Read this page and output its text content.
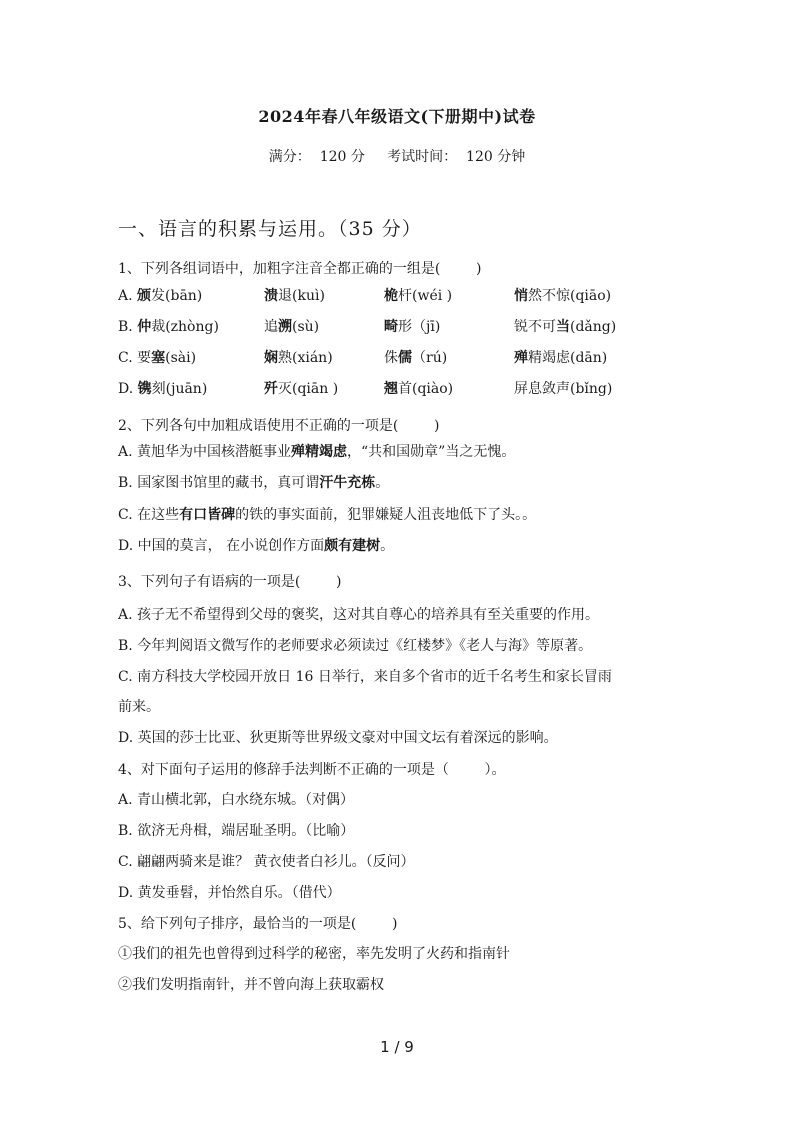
2024年春八年级语文(下册期中)试卷
满分： 120 分 考试时间： 120 分钟
一、语言的积累与运用。（35 分）
1、下列各组词语中，加粗字注音全都正确的一组是(        )

A. 颁发(bān)

	溃退(kuì)

	桅杆(wéi )

	悄然不惊(qiāo)

B. 仲裁(zhòng)

	追溯(sù)

	畸形（jī)

	锐不可当(dǎng)

C. 要塞(sài)

	娴熟(xián)

	侏儒（rú)

	殚精竭虑(dān)

D. 镌刻(juān)

	歼灭(qiān )

	翘首(qiào)

	屏息敛声(bǐng)

2、下列各句中加粗成语使用不正确的一项是(        )
A. 黄旭华为中国核潜艇事业殚精竭虑，“共和国勋章”当之无愧。
B. 国家图书馆里的藏书，真可谓汗牛充栋。
C. 在这些有口皆碑的铁的事实面前，犯罪嫌疑人沮丧地低下了头。。
D. 中国的莫言， 在小说创作方面颇有建树。
3、下列句子有语病的一项是(        )
A. 孩子无不希望得到父母的褒奖，这对其自尊心的培养具有至关重要的作用。
B. 今年判阅语文微写作的老师要求必须读过《红楼梦》《老人与海》等原著。
C. 南方科技大学校园开放日 16 日举行，来自多个省市的近千名考生和家长冒雨
前来。
D. 英国的莎士比亚、狄更斯等世界级文豪对中国文坛有着深远的影响。
4、对下面句子运用的修辞手法判断不正确的一项是（        ）。
A. 青山横北郭，白水绕东城。（对偶）
B. 欲济无舟楫，端居耻圣明。（比喻）
C. 翩翩两骑来是谁？ 黄衣使者白衫儿。（反问）
D. 黄发垂髫，并怡然自乐。（借代）
5、给下列句子排序，最恰当的一项是(        )
①我们的祖先也曾得到过科学的秘密，率先发明了火药和指南针
②我们发明指南针，并不曾向海上获取霸权
1 / 9
